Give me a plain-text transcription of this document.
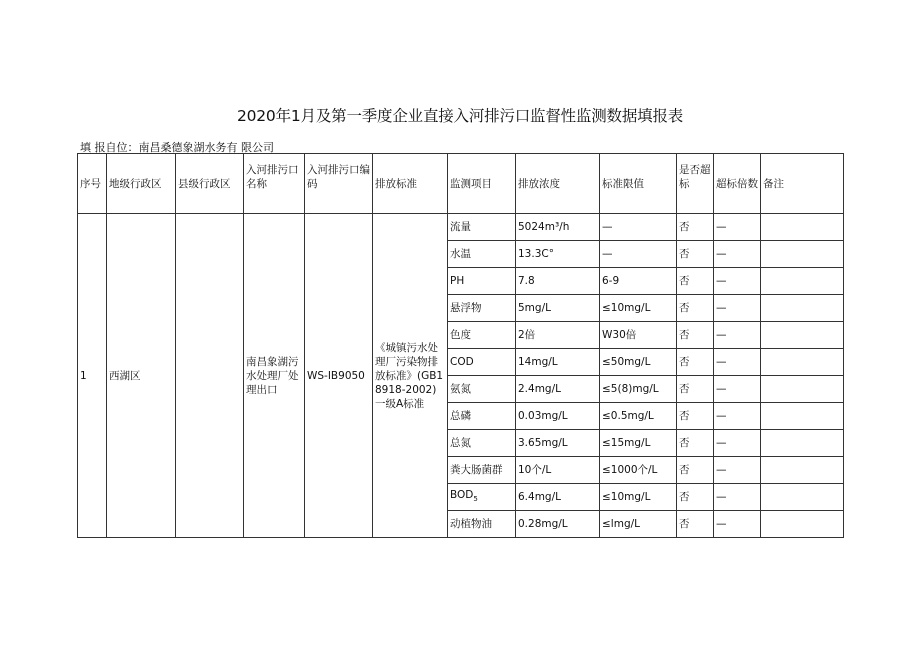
2020年1月及第一季度企业直接入河排污口监督性监测数据填报表
填 报自位：南昌桑德象湖水务有 限公司
序号	地级行政区	县级行政区	入河排污口名称	入河排污口编码	排放标准	监测项目	排放浓度	标准限值	是否超标	超标倍数	备注
1	西湖区		南昌象湖污水处理厂处理出口	WS-IB9050	《城镇污水处理厂污染物排放标准》(GB18918-2002)一级A标准	流量	5024m³/h	—	否	—	
						水温	13.3C°	—	否	—	
						PH	7.8	6-9	否	—	
						悬浮物	5mg/L	≤10mg/L	否	—	
						色度	2倍	W30倍	否	—	
						COD	14mg/L	≤50mg/L	否	—	
						氨氮	2.4mg/L	≤5(8)mg/L	否	—	
						总磷	0.03mg/L	≤0.5mg/L	否	—	
						总氮	3.65mg/L	≤15mg/L	否	—	
						粪大肠菌群	10个/L	≤1000个/L	否	—	
						$BOD_5$	6.4mg/L	≤10mg/L	否	—	
						动植物油	0.28mg/L	≤lmg/L	否	—	
